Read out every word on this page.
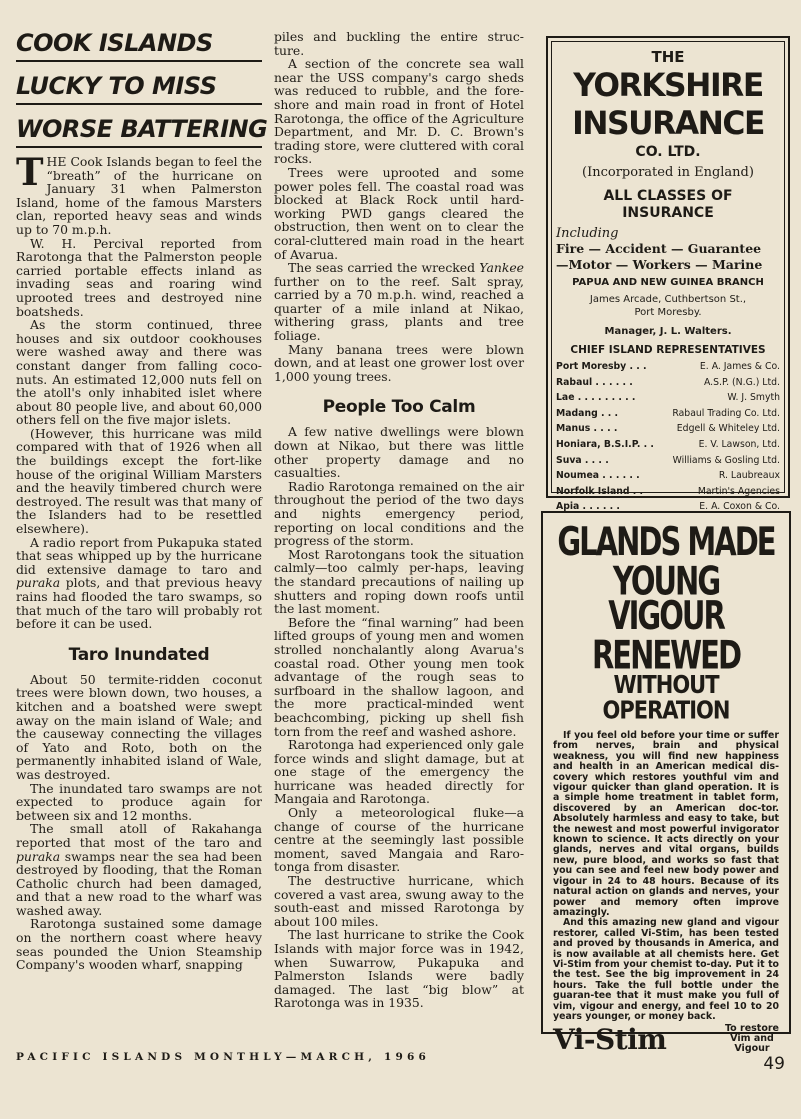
COOK ISLANDS
LUCKY TO MISS
WORSE BATTERING

THE Cook Islands began to feel the “breath” of the hurricane on January 31 when Palmerston Island, home of the famous Marsters clan, reported heavy seas and winds up to 70 m.p.h.

W. H. Percival reported from Rarotonga that the Palmerston people carried portable effects inland as invading seas and roaring wind uprooted trees and destroyed nine boatsheds.

As the storm continued, three houses and six outdoor cookhouses were washed away and there was constant danger from falling coco-nuts. An estimated 12,000 nuts fell on the atoll's only inhabited islet where about 80 people live, and about 60,000 others fell on the five major islets.

(However, this hurricane was mild compared with that of 1926 when all the buildings except the fort-like house of the original William Marsters and the heavily timbered church were destroyed. The result was that many of the Islanders had to be resettled elsewhere).

A radio report from Pukapuka stated that seas whipped up by the hurricane did extensive damage to taro and puraka plots, and that previous heavy rains had flooded the taro swamps, so that much of the taro will probably rot before it can be used.

Taro Inundated

About 50 termite-ridden coconut trees were blown down, two houses, a kitchen and a boatshed were swept away on the main island of Wale; and the causeway connecting the villages of Yato and Roto, both on the permanently inhabited island of Wale, was destroyed.

The inundated taro swamps are not expected to produce again for between six and 12 months.

The small atoll of Rakahanga reported that most of the taro and puraka swamps near the sea had been destroyed by flooding, that the Roman Catholic church had been damaged, and that a new road to the wharf was washed away.

Rarotonga sustained some damage on the northern coast where heavy seas pounded the Union Steamship Company's wooden wharf, snapping

piles and buckling the entire struc-ture.

A section of the concrete sea wall near the USS company's cargo sheds was reduced to rubble, and the fore-shore and main road in front of Hotel Rarotonga, the office of the Agriculture Department, and Mr. D. C. Brown's trading store, were cluttered with coral rocks.

Trees were uprooted and some power poles fell. The coastal road was blocked at Black Rock until hard-working PWD gangs cleared the obstruction, then went on to clear the coral-cluttered main road in the heart of Avarua.

The seas carried the wrecked Yankee further on to the reef. Salt spray, carried by a 70 m.p.h. wind, reached a quarter of a mile inland at Nikao, withering grass, plants and tree foliage.

Many banana trees were blown down, and at least one grower lost over 1,000 young trees.

People Too Calm

A few native dwellings were blown down at Nikao, but there was little other property damage and no casualties.

Radio Rarotonga remained on the air throughout the period of the two days and nights emergency period, reporting on local conditions and the progress of the storm.

Most Rarotongans took the situation calmly—too calmly per-haps, leaving the standard precautions of nailing up shutters and roping down roofs until the last moment.

Before the “final warning” had been lifted groups of young men and women strolled nonchalantly along Avarua's coastal road. Other young men took advantage of the rough seas to surfboard in the shallow lagoon, and the more practical-minded went beachcombing, picking up shell fish torn from the reef and washed ashore.

Rarotonga had experienced only gale force winds and slight damage, but at one stage of the emergency the hurricane was headed directly for Mangaia and Rarotonga.

Only a meteorological fluke—a change of course of the hurricane centre at the seemingly last possible moment, saved Mangaia and Raro-tonga from disaster.

The destructive hurricane, which covered a vast area, swung away to the south-east and missed Rarotonga by about 100 miles.

The last hurricane to strike the Cook Islands with major force was in 1942, when Suwarrow, Pukapuka and Palmerston Islands were badly damaged. The last “big blow” at Rarotonga was in 1935.

THE
YORKSHIRE
INSURANCE
CO. LTD.
(Incorporated in England)
ALL CLASSES OF INSURANCE
Including
Fire — Accident — Guarantee
—Motor — Workers — Marine
PAPUA AND NEW GUINEA BRANCH
James Arcade, Cuthbertson St.,
Port Moresby.
Manager, J. L. Walters.
CHIEF ISLAND REPRESENTATIVES
Port Moresby . . .	E. A. James & Co.
Rabaul . . . . . .	A.S.P. (N.G.) Ltd.
Lae . . . . . . . . .	W. J. Smyth
Madang . . .	Rabaul Trading Co. Ltd.
Manus . . . .	Edgell & Whiteley Ltd.
Honiara, B.S.I.P. . .	E. V. Lawson, Ltd.
Suva . . . .	Williams & Gosling Ltd.
Noumea . . . . . .	R. Laubreaux
Norfolk Island . .	Martin's Agencies
Apia . . . . . .	E. A. Coxon & Co.
GLANDS MADE YOUNG
VIGOUR RENEWED
WITHOUT OPERATION

If you feel old before your time or suffer from nerves, brain and physical weakness, you will find new happiness and health in an American medical dis-covery which restores youthful vim and vigour quicker than gland operation. It is a simple home treatment in tablet form, discovered by an American doc-tor. Absolutely harmless and easy to take, but the newest and most powerful invigorator known to science. It acts directly on your glands, nerves and vital organs, builds new, pure blood, and works so fast that you can see and feel new body power and vigour in 24 to 48 hours. Because of its natural action on glands and nerves, your power and memory often improve amazingly.

And this amazing new gland and vigour restorer, called Vi-Stim, has been tested and proved by thousands in America, and is now available at all chemists here. Get Vi-Stim from your chemist to-day. Put it to the test. See the big improvement in 24 hours. Take the full bottle under the guaran-tee that it must make you full of vim, vigour and energy, and feel 10 to 20 years younger, or money back.

Vi-Stim	To restore
Vim and
Vigour
PACIFIC ISLANDS MONTHLY—MARCH, 1966	49
